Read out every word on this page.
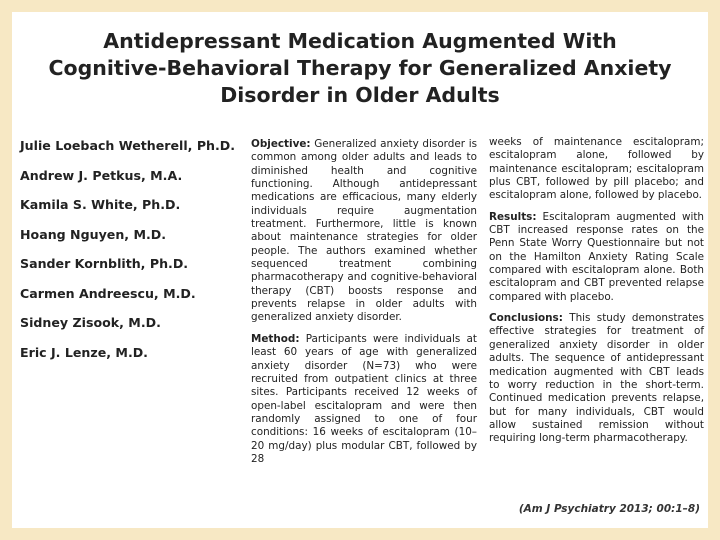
Antidepressant Medication Augmented With
Cognitive-Behavioral Therapy for Generalized Anxiety
Disorder in Older Adults
Julie Loebach Wetherell, Ph.D.
Andrew J. Petkus, M.A.
Kamila S. White, Ph.D.
Hoang Nguyen, M.D.
Sander Kornblith, Ph.D.
Carmen Andreescu, M.D.
Sidney Zisook, M.D.
Eric J. Lenze, M.D.

Objective: Generalized anxiety disorder is common among older adults and leads to diminished health and cognitive functioning. Although antidepressant medications are efficacious, many elderly individuals require augmentation treatment. Furthermore, little is known about maintenance strategies for older people. The authors examined whether sequenced treatment combining pharmacotherapy and cognitive-behavioral therapy (CBT) boosts response and prevents relapse in older adults with generalized anxiety disorder.

Method: Participants were individuals at least 60 years of age with generalized anxiety disorder (N=73) who were recruited from outpatient clinics at three sites. Participants received 12 weeks of open-label escitalopram and were then randomly assigned to one of four conditions: 16 weeks of escitalopram (10–20 mg/day) plus modular CBT, followed by 28

weeks of maintenance escitalopram; escitalopram alone, followed by maintenance escitalopram; escitalopram plus CBT, followed by pill placebo; and escitalopram alone, followed by placebo.

Results: Escitalopram augmented with CBT increased response rates on the Penn State Worry Questionnaire but not on the Hamilton Anxiety Rating Scale compared with escitalopram alone. Both escitalopram and CBT prevented relapse compared with placebo.

Conclusions: This study demonstrates effective strategies for treatment of generalized anxiety disorder in older adults. The sequence of antidepressant medication augmented with CBT leads to worry reduction in the short-term. Continued medication prevents relapse, but for many individuals, CBT would allow sustained remission without requiring long-term pharmacotherapy.

(Am J Psychiatry 2013; 00:1–8)
